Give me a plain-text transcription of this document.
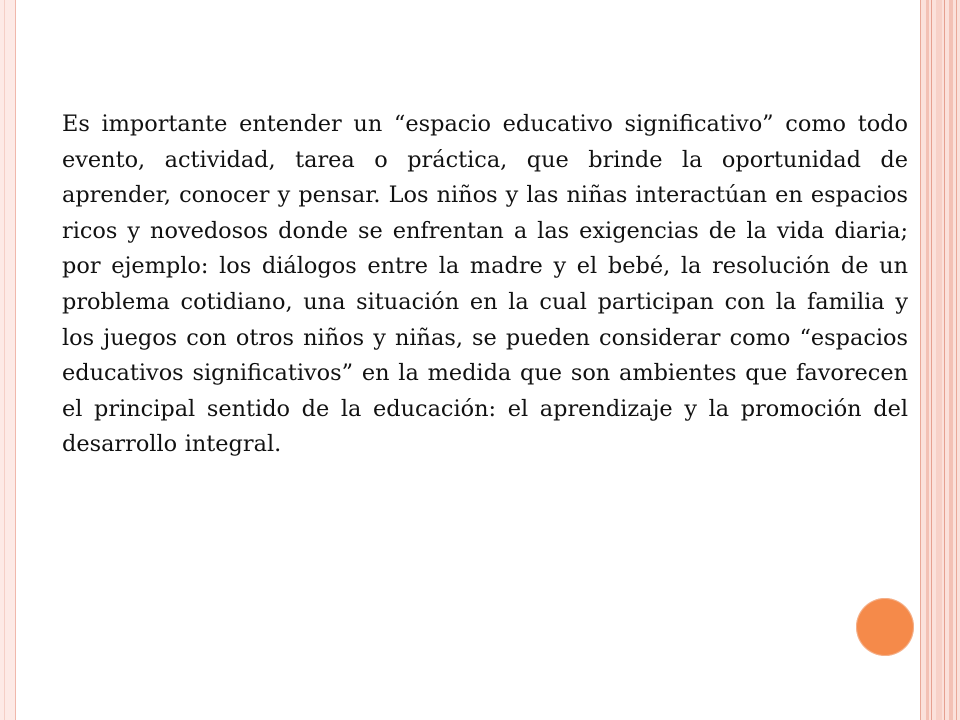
Es importante entender un “espacio educativo significativo” como todo evento, actividad, tarea o práctica, que brinde la oportunidad de aprender, conocer y pensar. Los niños y las niñas interactúan en espacios ricos y novedosos donde se enfrentan a las exigencias de la vida diaria; por ejemplo: los diálogos entre la madre y el bebé, la resolución de un problema cotidiano, una situación en la cual participan con la familia y los juegos con otros niños y niñas, se pueden considerar como “espacios educativos significativos” en la medida que son ambientes que favorecen el principal sentido de la educación: el aprendizaje y la promoción del desarrollo integral.
